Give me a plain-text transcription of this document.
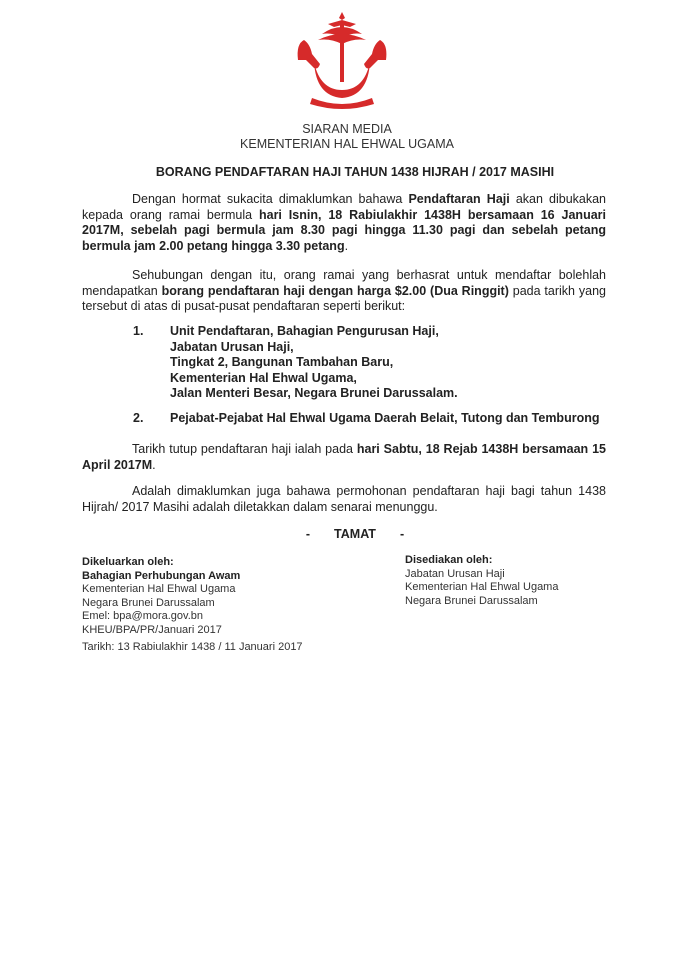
SIARAN MEDIA
KEMENTERIAN HAL EHWAL UGAMA
BORANG PENDAFTARAN HAJI TAHUN 1438 HIJRAH / 2017 MASIHI
Dengan hormat sukacita dimaklumkan bahawa Pendaftaran Haji akan dibukakan kepada orang ramai bermula hari Isnin, 18 Rabiulakhir 1438H bersamaan 16 Januari 2017M, sebelah pagi bermula jam 8.30 pagi hingga 11.30 pagi dan sebelah petang bermula jam 2.00 petang hingga 3.30 petang.
Sehubungan dengan itu, orang ramai yang berhasrat untuk mendaftar bolehlah mendapatkan borang pendaftaran haji dengan harga $2.00 (Dua Ringgit) pada tarikh yang tersebut di atas di pusat-pusat pendaftaran seperti berikut:
1. Unit Pendaftaran, Bahagian Pengurusan Haji,
Jabatan Urusan Haji,
Tingkat 2, Bangunan Tambahan Baru,
Kementerian Hal Ehwal Ugama,
Jalan Menteri Besar, Negara Brunei Darussalam.
2. Pejabat-Pejabat Hal Ehwal Ugama Daerah Belait, Tutong dan Temburong
Tarikh tutup pendaftaran haji ialah pada hari Sabtu, 18 Rejab 1438H bersamaan 15 April 2017M.
Adalah dimaklumkan juga bahawa permohonan pendaftaran haji bagi tahun 1438 Hijrah/ 2017 Masihi adalah diletakkan dalam senarai menunggu.
- TAMAT -
Dikeluarkan oleh:
Bahagian Perhubungan Awam
Kementerian Hal Ehwal Ugama
Negara Brunei Darussalam
Emel: bpa@mora.gov.bn
KHEU/BPA/PR/Januari 2017
Disediakan oleh:
Jabatan Urusan Haji
Kementerian Hal Ehwal Ugama
Negara Brunei Darussalam
Tarikh: 13 Rabiulakhir 1438 / 11 Januari 2017
